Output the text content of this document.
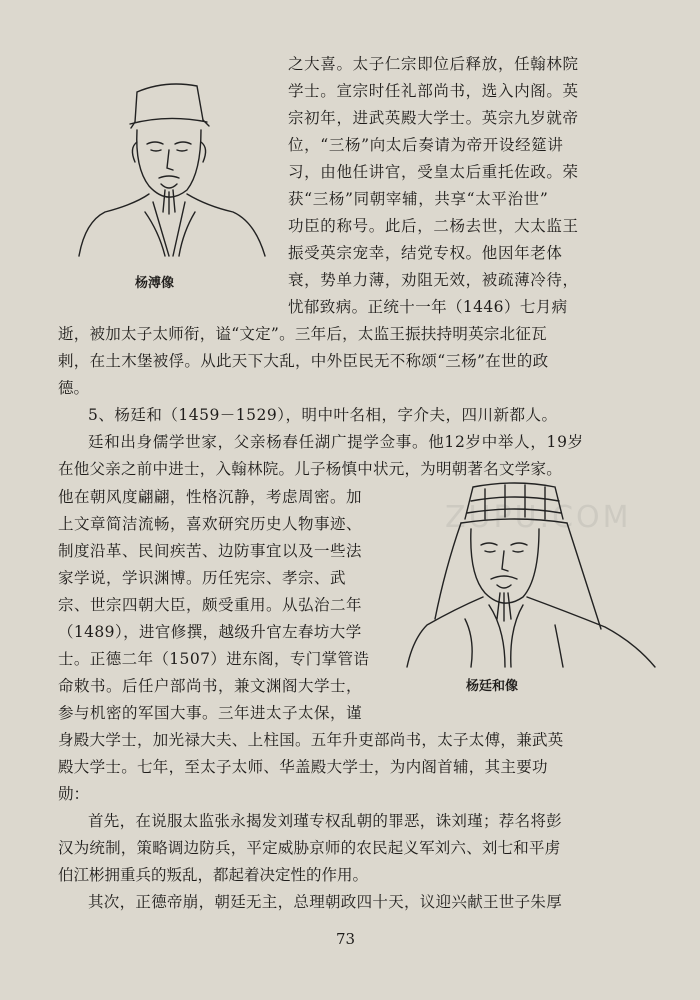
ZUPU.COM
杨溥像
杨廷和像
之大喜。太子仁宗即位后释放，任翰林院
学士。宣宗时任礼部尚书，选入内阁。英
宗初年，进武英殿大学士。英宗九岁就帝
位，“三杨”向太后奏请为帝开设经筵讲
习，由他任讲官，受皇太后重托佐政。荣
获“三杨”同朝宰辅，共享“太平治世”
功臣的称号。此后，二杨去世，大太监王
振受英宗宠幸，结党专权。他因年老体
衰，势单力薄，劝阻无效，被疏薄冷待，
忧郁致病。正统十一年（1446）七月病
逝，被加太子太师衔，谥“文定”。三年后，太监王振扶持明英宗北征瓦
剌，在土木堡被俘。从此天下大乱，中外臣民无不称颂“三杨”在世的政
德。
5、杨廷和（1459－1529），明中叶名相，字介夫，四川新都人。
廷和出身儒学世家，父亲杨春任湖广提学佥事。他12岁中举人，19岁
在他父亲之前中进士，入翰林院。儿子杨慎中状元，为明朝著名文学家。
他在朝风度翩翩，性格沉静，考虑周密。加
上文章简洁流畅，喜欢研究历史人物事迹、
制度沿革、民间疾苦、边防事宜以及一些法
家学说，学识渊博。历任宪宗、孝宗、武
宗、世宗四朝大臣，颇受重用。从弘治二年
（1489），进官修撰，越级升官左春坊大学
士。正德二年（1507）进东阁，专门掌管诰
命敕书。后任户部尚书，兼文渊阁大学士，
参与机密的军国大事。三年进太子太保，谨
身殿大学士，加光禄大夫、上柱国。五年升吏部尚书，太子太傅，兼武英
殿大学士。七年，至太子太师、华盖殿大学士，为内阁首辅，其主要功
勋：
首先，在说服太监张永揭发刘瑾专权乱朝的罪恶，诛刘瑾；荐名将彭
汉为统制，策略调边防兵，平定威胁京师的农民起义军刘六、刘七和平虏
伯江彬拥重兵的叛乱，都起着决定性的作用。
其次，正德帝崩，朝廷无主，总理朝政四十天，议迎兴献王世子朱厚
73
